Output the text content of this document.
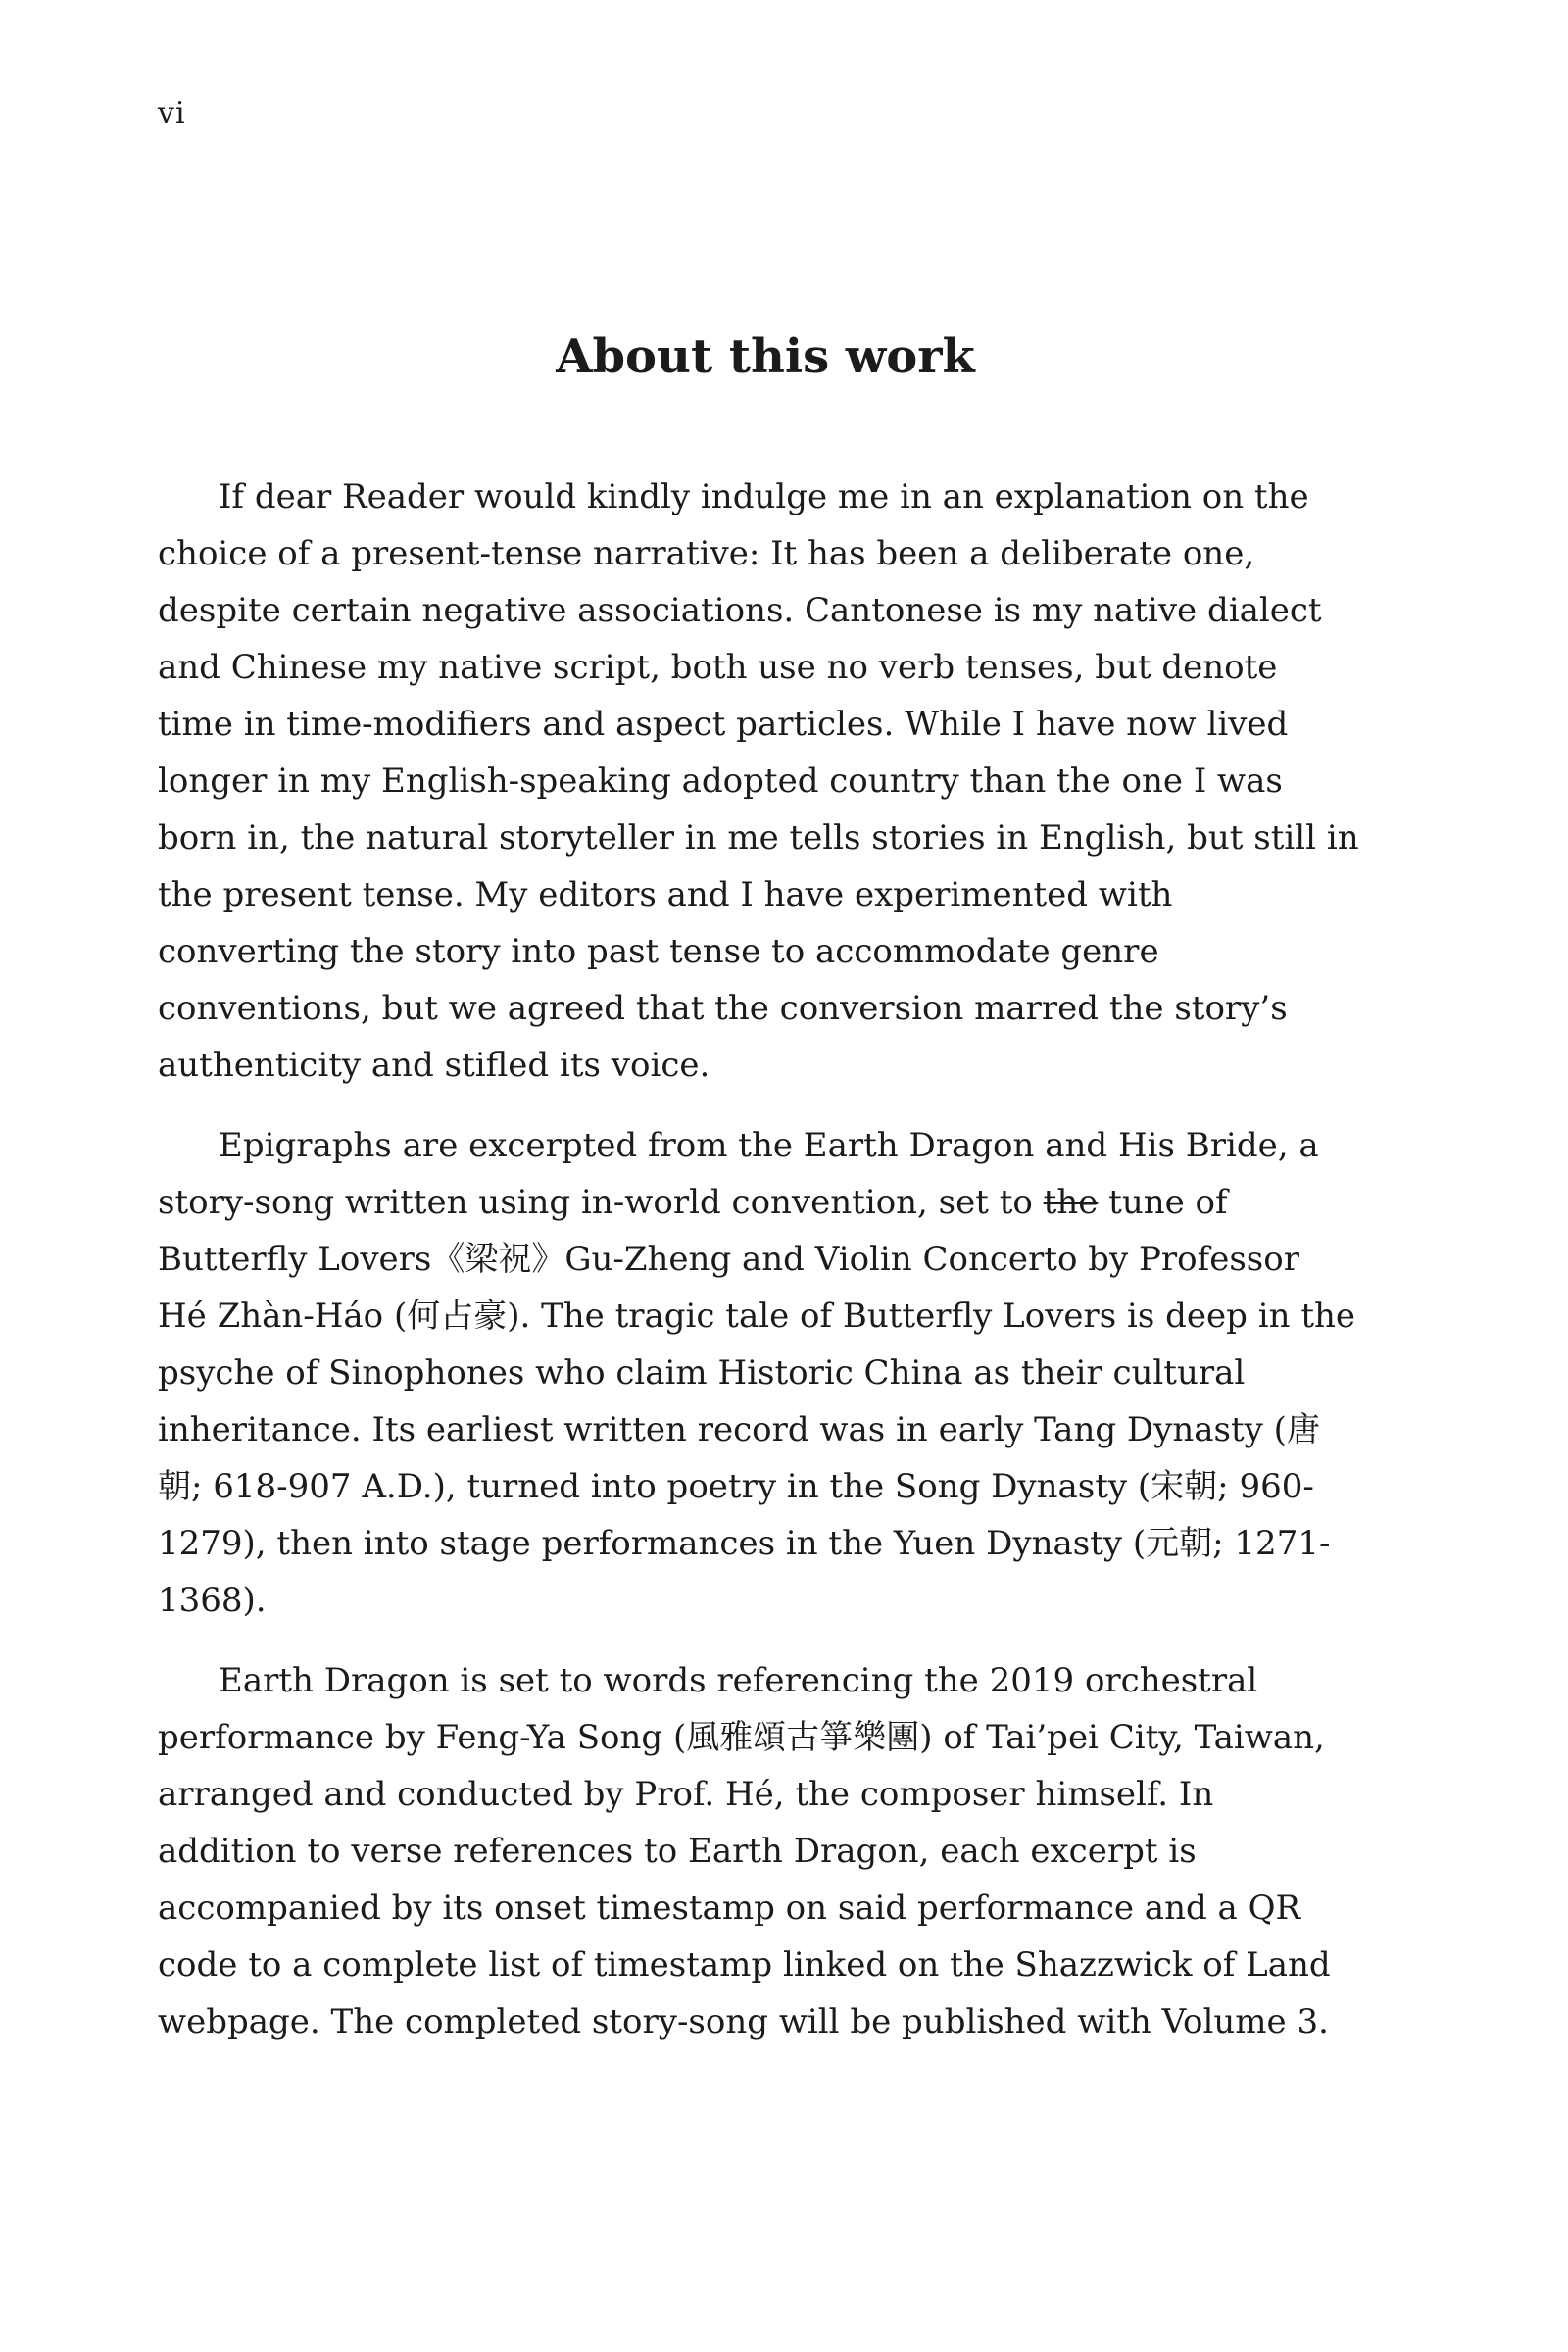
vi
About this work
If dear Reader would kindly indulge me in an explanation on the
choice of a present-tense narrative: It has been a deliberate one,
despite certain negative associations. Cantonese is my native dialect
and Chinese my native script, both use no verb tenses, but denote
time in time-modifiers and aspect particles. While I have now lived
longer in my English-speaking adopted country than the one I was
born in, the natural storyteller in me tells stories in English, but still in
the present tense. My editors and I have experimented with
converting the story into past tense to accommodate genre
conventions, but we agreed that the conversion marred the story’s
authenticity and stifled its voice.
Epigraphs are excerpted from the Earth Dragon and His Bride, a
story-song written using in-world convention, set to the tune of
Butterfly Lovers《梁祝》Gu-Zheng and Violin Concerto by Professor
Hé Zhàn-Háo (何占豪). The tragic tale of Butterfly Lovers is deep in the
psyche of Sinophones who claim Historic China as their cultural
inheritance. Its earliest written record was in early Tang Dynasty (唐
朝; 618-907 A.D.), turned into poetry in the Song Dynasty (宋朝; 960-
1279), then into stage performances in the Yuen Dynasty (元朝; 1271-
1368).
Earth Dragon is set to words referencing the 2019 orchestral
performance by Feng-Ya Song (風雅頌古箏樂團) of Tai’pei City, Taiwan,
arranged and conducted by Prof. Hé, the composer himself. In
addition to verse references to Earth Dragon, each excerpt is
accompanied by its onset timestamp on said performance and a QR
code to a complete list of timestamp linked on the Shazzwick of Land
webpage. The completed story-song will be published with Volume 3.
